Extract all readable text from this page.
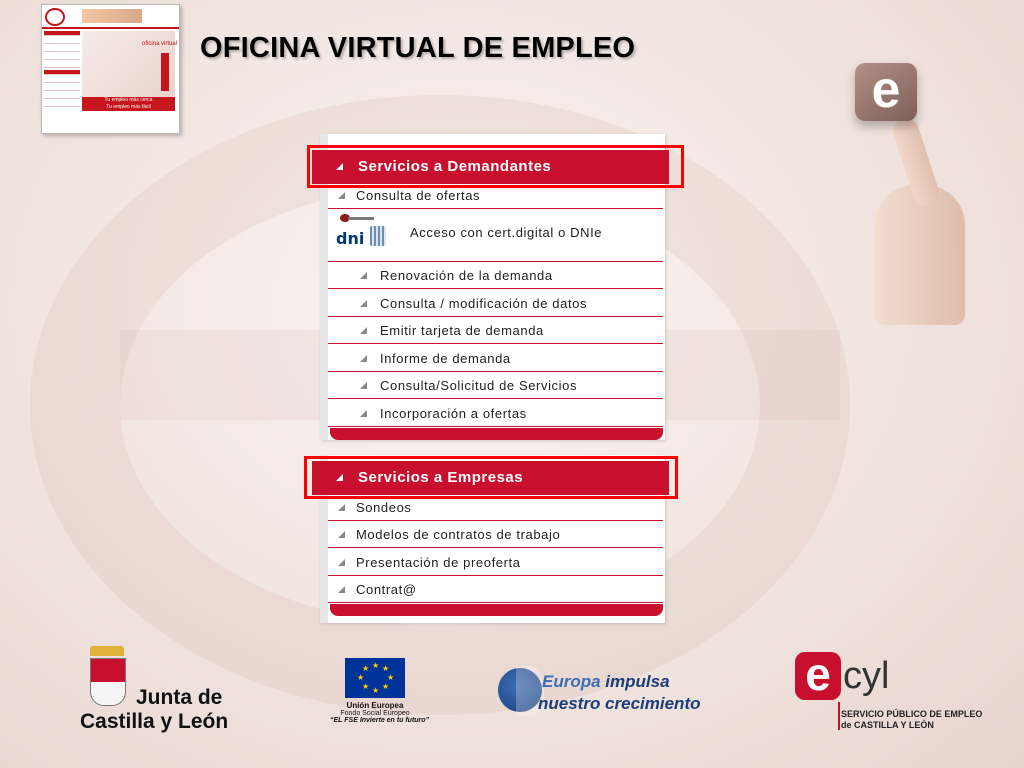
oficina virtual
Tu empleo más cerca
Tu empleo más fácil
OFICINA VIRTUAL DE EMPLEO
e
Servicios a Demandantes
Consulta de ofertas
dni	Acceso con cert.digital o DNIe
Renovación de la demanda
Consulta / modificación de datos
Emitir tarjeta de demanda
Informe de demanda
Consulta/Solicitud de Servicios
Incorporación a ofertas
Servicios a Empresas
Sondeos
Modelos de contratos de trabajo
Presentación de preoferta
Contrat@
Junta de
Castilla y León
★ ★
★
★
★
★
★
★
Unión Europea
Fondo Social Europeo
“EL FSE Invierte en tu futuro”
Europa impulsa
nuestro crecimiento
e cyl
SERVICIO PÚBLICO DE EMPLEO
de CASTILLA Y LEÓN
